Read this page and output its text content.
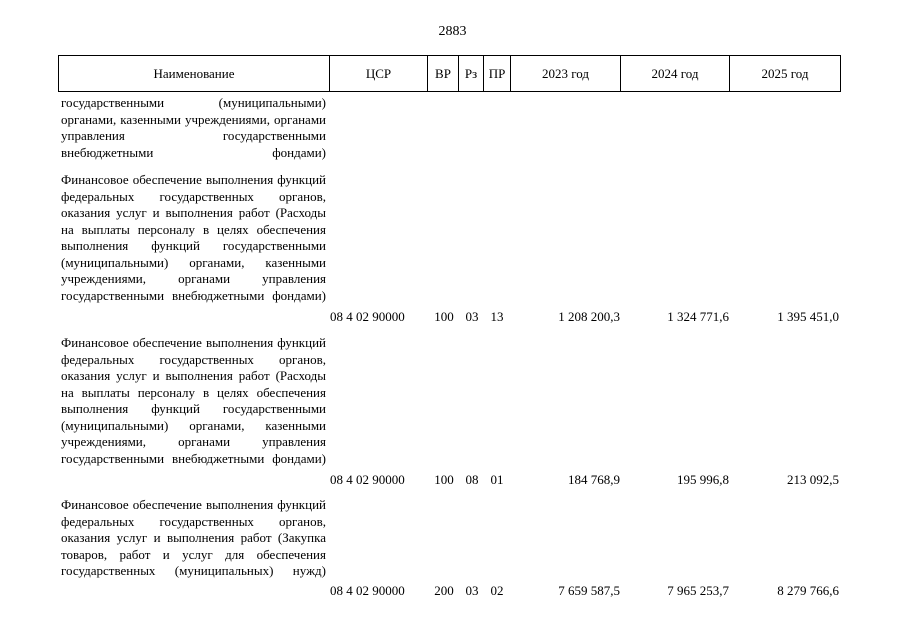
2883
Наименование	ЦСР	ВР	Рз ПР	2023 год	2024 год	2025 год
государственными (муниципальными) органами, казенными учреждениями, органами управления государственными внебюджетными фондами)
Финансовое обеспечение выполнения функций федеральных государственных органов, оказания услуг и выполнения работ (Расходы на выплаты персоналу в целях обеспечения выполнения функций государственными (муниципальными) органами, казенными учреждениями, органами управления государственными внебюджетными фондами)
08 4 02 90000	100 03 13	1 208 200,3	1 324 771,6	1 395 451,0
Финансовое обеспечение выполнения функций федеральных государственных органов, оказания услуг и выполнения работ (Расходы на выплаты персоналу в целях обеспечения выполнения функций государственными (муниципальными) органами, казенными учреждениями, органами управления государственными внебюджетными фондами)
08 4 02 90000	100 08 01	184 768,9	195 996,8	213 092,5
Финансовое обеспечение выполнения функций федеральных государственных органов, оказания услуг и выполнения работ (Закупка товаров, работ и услуг для обеспечения государственных (муниципальных) нужд)
08 4 02 90000	200 03 02	7 659 587,5	7 965 253,7	8 279 766,6
